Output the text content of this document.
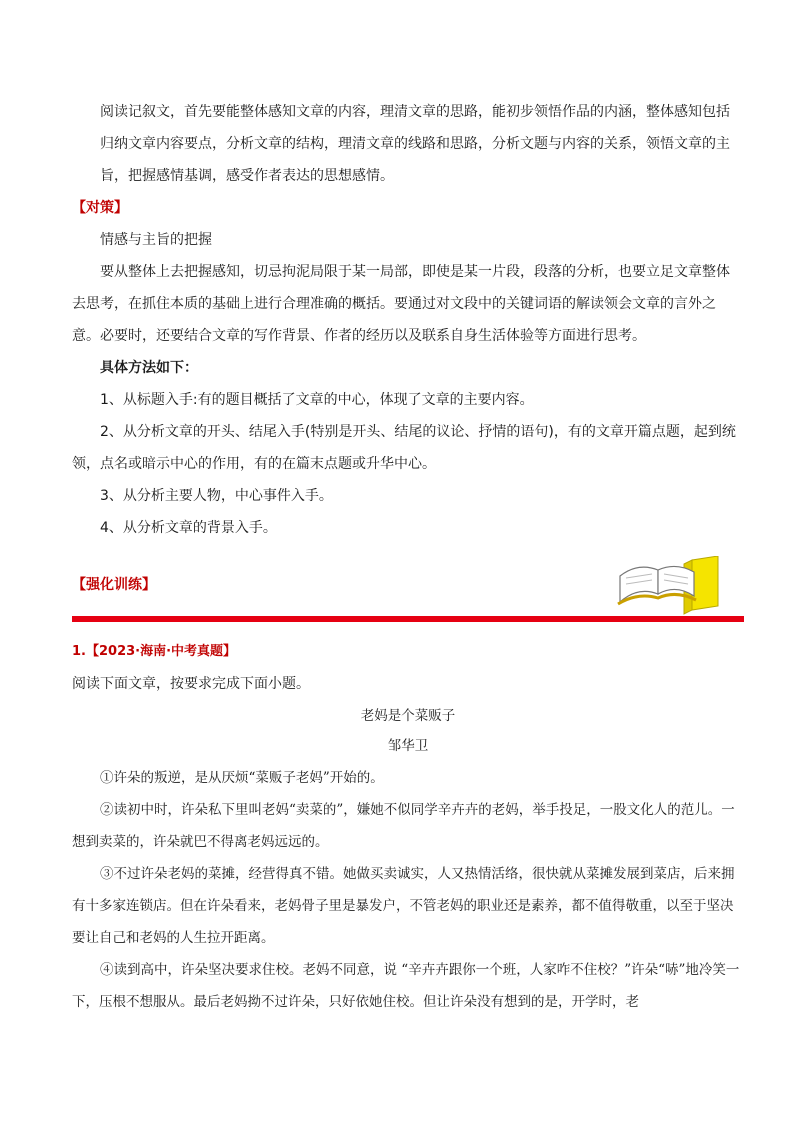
阅读记叙文，首先要能整体感知文章的内容，理清文章的思路，能初步领悟作品的内涵，整体感知包括归纳文章内容要点，分析文章的结构，理清文章的线路和思路，分析文题与内容的关系，领悟文章的主旨，把握感情基调，感受作者表达的思想感情。

【对策】
情感与主旨的把握

要从整体上去把握感知，切忌拘泥局限于某一局部，即使是某一片段，段落的分析，也要立足文章整体去思考，在抓住本质的基础上进行合理准确的概括。要通过对文段中的关键词语的解读领会文章的言外之意。必要时，还要结合文章的写作背景、作者的经历以及联系自身生活体验等方面进行思考。

具体方法如下：
1、从标题入手:有的题目概括了文章的中心，体现了文章的主要内容。

2、从分析文章的开头、结尾入手(特别是开头、结尾的议论、抒情的语句)，有的文章开篇点题，起到统领，点名或暗示中心的作用，有的在篇末点题或升华中心。

3、从分析主要人物，中心事件入手。
4、从分析文章的背景入手。
【强化训练】
1.【2023·海南·中考真题】
阅读下面文章，按要求完成下面小题。
老妈是个菜贩子
邹华卫
①许朵的叛逆，是从厌烦“菜贩子老妈”开始的。

②读初中时，许朵私下里叫老妈“卖菜的”，嫌她不似同学辛卉卉的老妈，举手投足，一股文化人的范儿。一想到卖菜的，许朵就巴不得离老妈远远的。

③不过许朵老妈的菜摊，经营得真不错。她做买卖诚实，人又热情活络，很快就从菜摊发展到菜店，后来拥有十多家连锁店。但在许朵看来，老妈骨子里是暴发户，不管老妈的职业还是素养，都不值得敬重，以至于坚决要让自己和老妈的人生拉开距离。

④读到高中，许朵坚决要求住校。老妈不同意，说 “辛卉卉跟你一个班，人家咋不住校？”许朵“哧”地冷笑一下，压根不想服从。最后老妈拗不过许朵，只好依她住校。但让许朵没有想到的是，开学时，老
